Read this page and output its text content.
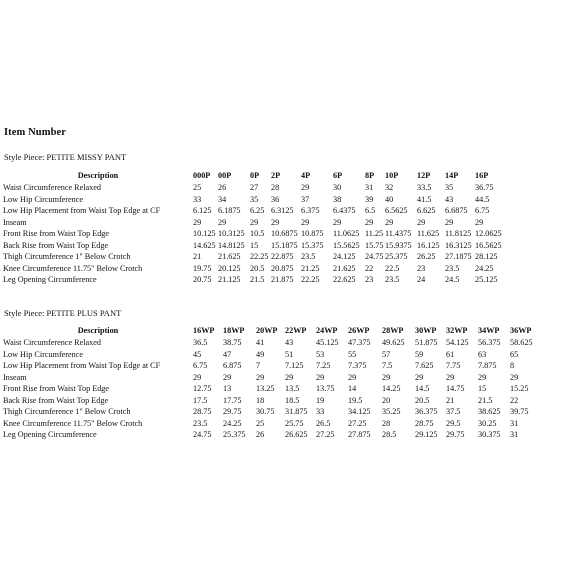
Item Number
Style Piece: PETITE MISSY PANT
Description	000P	00P	0P	2P	4P	6P	8P	10P	12P	14P	16P
Waist Circumference Relaxed	25	26	27	28	29	30	31	32	33.5	35	36.75
Low Hip Circumference	33	34	35	36	37	38	39	40	41.5	43	44.5
Low Hip Placement from Waist Top Edge at CF	6.125	6.1875	6.25	6.3125	6.375	6.4375	6.5	6.5625	6.625	6.6875	6.75
Inseam	29	29	29	29	29	29	29	29	29	29	29
Front Rise from Waist Top Edge	10.125	10.3125	10.5	10.6875	10.875	11.0625	11.25	11.4375	11.625	11.8125	12.0625
Back Rise from Waist Top Edge	14.625	14.8125	15	15.1875	15.375	15.5625	15.75	15.9375	16.125	16.3125	16.5625
Thigh Circumference 1" Below Crotch	21	21.625	22.25	22.875	23.5	24.125	24.75	25.375	26.25	27.1875	28.125
Knee Circumference 11.75" Below Crotch	19.75	20.125	20.5	20.875	21.25	21.625	22	22.5	23	23.5	24.25
Leg Opening Circumference	20.75	21.125	21.5	21.875	22.25	22.625	23	23.5	24	24.5	25.125
Style Piece: PETITE PLUS PANT
Description	16WP	18WP	20WP	22WP	24WP	26WP	28WP	30WP	32WP	34WP	36WP
Waist Circumference Relaxed	36.5	38.75	41	43	45.125	47.375	49.625	51.875	54.125	56.375	58.625
Low Hip Circumference	45	47	49	51	53	55	57	59	61	63	65
Low Hip Placement from Waist Top Edge at CF	6.75	6.875	7	7.125	7.25	7.375	7.5	7.625	7.75	7.875	8
Inseam	29	29	29	29	29	29	29	29	29	29	29
Front Rise from Waist Top Edge	12.75	13	13.25	13.5	13.75	14	14.25	14.5	14.75	15	15.25
Back Rise from Waist Top Edge	17.5	17.75	18	18.5	19	19.5	20	20.5	21	21.5	22
Thigh Circumference 1" Below Crotch	28.75	29.75	30.75	31.875	33	34.125	35.25	36.375	37.5	38.625	39.75
Knee Circumference 11.75" Below Crotch	23.5	24.25	25	25.75	26.5	27.25	28	28.75	29.5	30.25	31
Leg Opening Circumference	24.75	25.375	26	26.625	27.25	27.875	28.5	29.125	29.75	30.375	31
